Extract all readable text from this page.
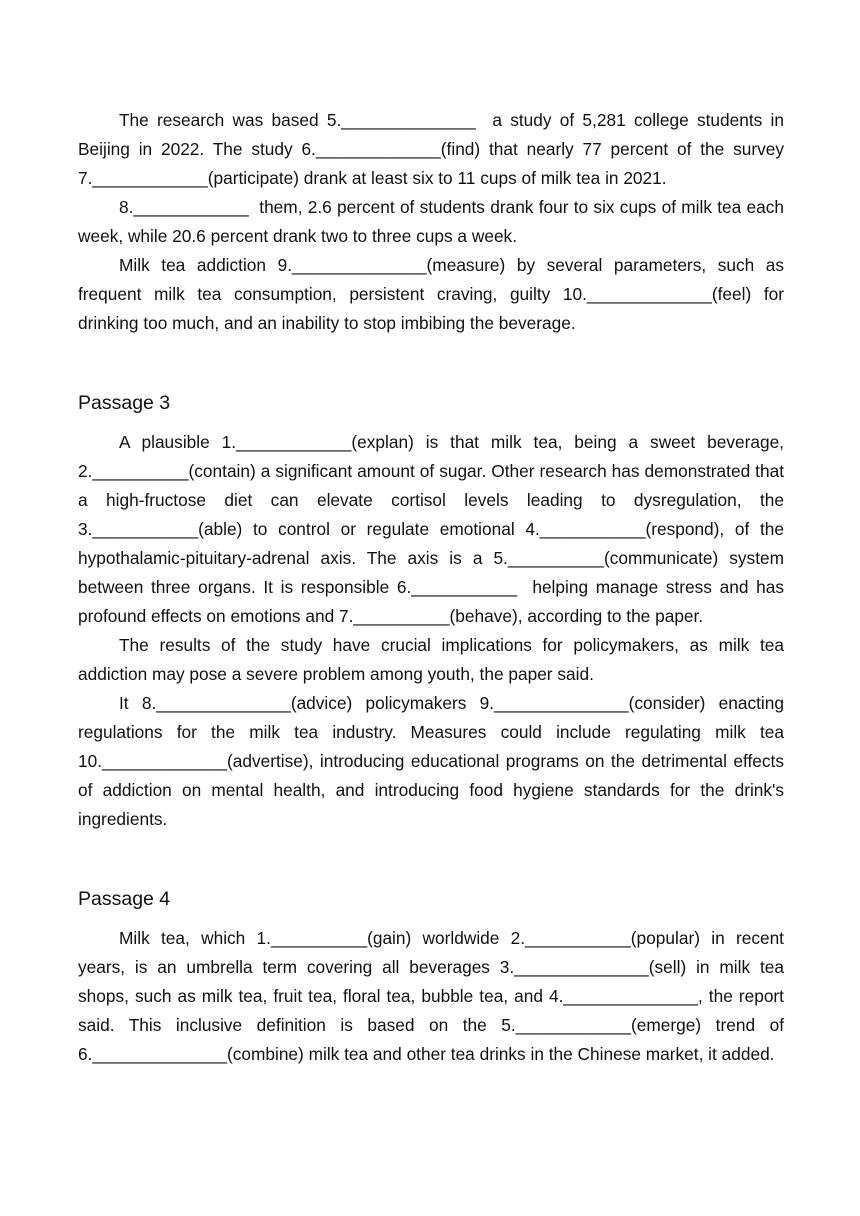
The research was based 5.______________  a study of 5,281 college students in Beijing in 2022. The study 6._____________(find) that nearly 77 percent of the survey 7.____________(participate) drank at least six to 11 cups of milk tea in 2021.

8.____________  them, 2.6 percent of students drank four to six cups of milk tea each week, while 20.6 percent drank two to three cups a week.

Milk tea addiction 9.______________(measure) by several parameters, such as frequent milk tea consumption, persistent craving, guilty 10._____________(feel) for drinking too much, and an inability to stop imbibing the beverage.

Passage 3

A plausible 1.____________(explan) is that milk tea, being a sweet beverage, 2.__________(contain) a significant amount of sugar. Other research has demonstrated that a high-fructose diet can elevate cortisol levels leading to dysregulation, the 3.___________(able) to control or regulate emotional 4.___________(respond), of the hypothalamic-pituitary-adrenal axis. The axis is a 5.__________(communicate) system between three organs. It is responsible 6.___________  helping manage stress and has profound effects on emotions and 7.__________(behave), according to the paper.

The results of the study have crucial implications for policymakers, as milk tea addiction may pose a severe problem among youth, the paper said.

It 8.______________(advice) policymakers 9.______________(consider) enacting regulations for the milk tea industry. Measures could include regulating milk tea 10._____________(advertise), introducing educational programs on the detrimental effects of addiction on mental health, and introducing food hygiene standards for the drink's ingredients.

Passage 4

Milk tea, which 1.__________(gain) worldwide 2.___________(popular) in recent years, is an umbrella term covering all beverages 3.______________(sell) in milk tea shops, such as milk tea, fruit tea, floral tea, bubble tea, and 4.______________, the report said. This inclusive definition is based on the 5.____________(emerge) trend of 6.______________(combine) milk tea and other tea drinks in the Chinese market, it added.
